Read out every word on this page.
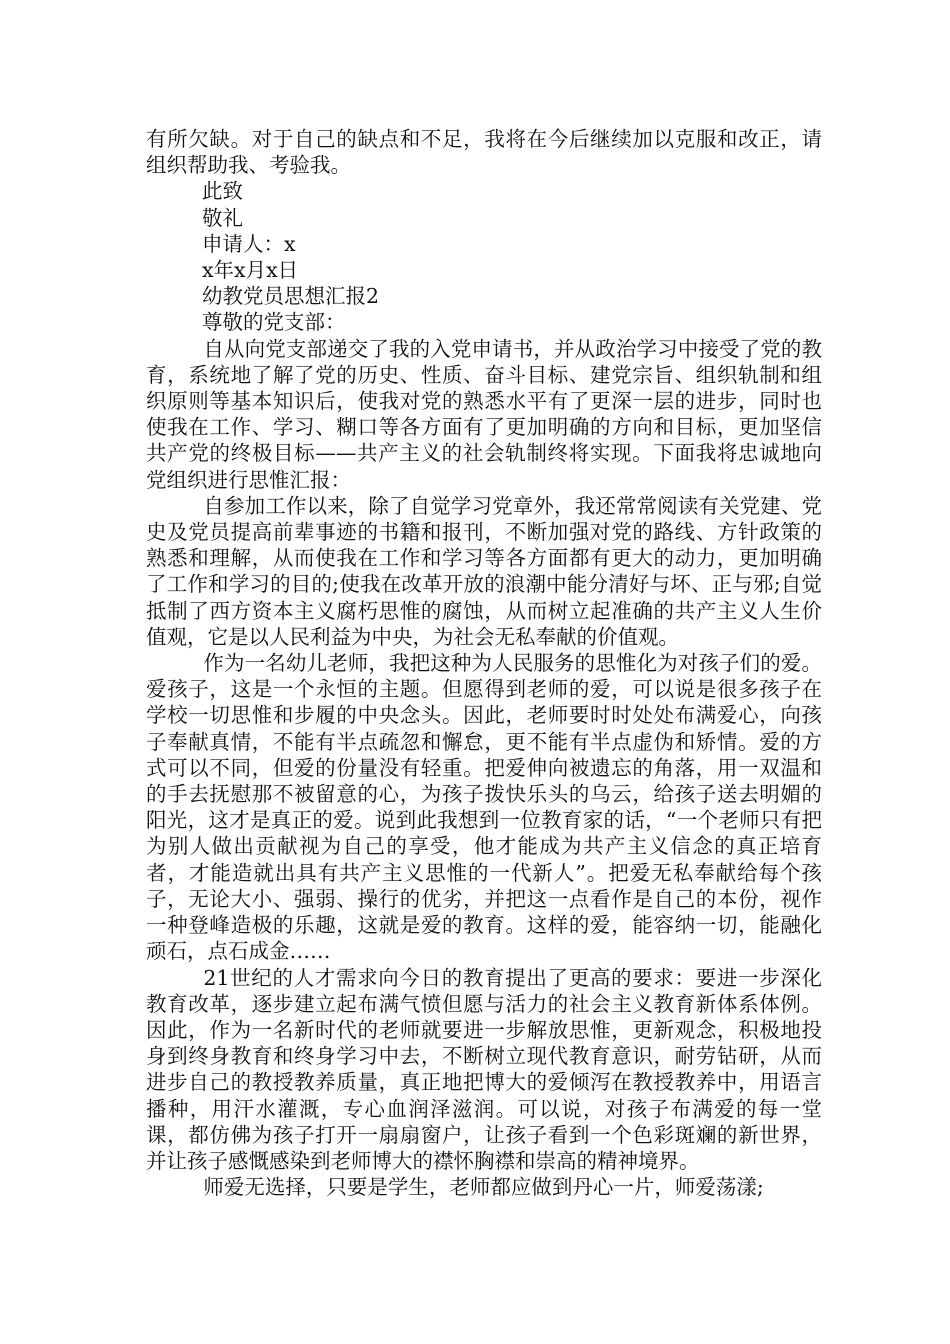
有所欠缺。对于自己的缺点和不足，我将在今后继续加以克服和改正，请组织帮助我、考验我。

此致

敬礼

申请人：x

x年x月x日

幼教党员思想汇报2

尊敬的党支部：

自从向党支部递交了我的入党申请书，并从政治学习中接受了党的教育，系统地了解了党的历史、性质、奋斗目标、建党宗旨、组织轨制和组织原则等基本知识后，使我对党的熟悉水平有了更深一层的进步，同时也使我在工作、学习、糊口等各方面有了更加明确的方向和目标，更加坚信共产党的终极目标——共产主义的社会轨制终将实现。下面我将忠诚地向党组织进行思惟汇报：

自参加工作以来，除了自觉学习党章外，我还常常阅读有关党建、党史及党员提高前辈事迹的书籍和报刊，不断加强对党的路线、方针政策的熟悉和理解，从而使我在工作和学习等各方面都有更大的动力，更加明确了工作和学习的目的;使我在改革开放的浪潮中能分清好与坏、正与邪;自觉抵制了西方资本主义腐朽思惟的腐蚀，从而树立起准确的共产主义人生价值观，它是以人民利益为中央，为社会无私奉献的价值观。

作为一名幼儿老师，我把这种为人民服务的思惟化为对孩子们的爱。爱孩子，这是一个永恒的主题。但愿得到老师的爱，可以说是很多孩子在学校一切思惟和步履的中央念头。因此，老师要时时处处布满爱心，向孩子奉献真情，不能有半点疏忽和懈怠，更不能有半点虚伪和矫情。爱的方式可以不同，但爱的份量没有轻重。把爱伸向被遗忘的角落，用一双温和的手去抚慰那不被留意的心，为孩子拨快乐头的乌云，给孩子送去明媚的阳光，这才是真正的爱。说到此我想到一位教育家的话，“一个老师只有把为别人做出贡献视为自己的享受，他才能成为共产主义信念的真正培育者，才能造就出具有共产主义思惟的一代新人”。把爱无私奉献给每个孩子，无论大小、强弱、操行的优劣，并把这一点看作是自己的本份，视作一种登峰造极的乐趣，这就是爱的教育。这样的爱，能容纳一切，能融化顽石，点石成金……

21世纪的人才需求向今日的教育提出了更高的要求：要进一步深化教育改革，逐步建立起布满气愤但愿与活力的社会主义教育新体系体例。因此，作为一名新时代的老师就要进一步解放思惟，更新观念，积极地投身到终身教育和终身学习中去，不断树立现代教育意识，耐劳钻研，从而进步自己的教授教养质量，真正地把博大的爱倾泻在教授教养中，用语言播种，用汗水灌溉，专心血润泽滋润。可以说，对孩子布满爱的每一堂课，都仿佛为孩子打开一扇扇窗户，让孩子看到一个色彩斑斓的新世界，并让孩子感慨感染到老师博大的襟怀胸襟和崇高的精神境界。

师爱无选择，只要是学生，老师都应做到丹心一片，师爱荡漾;
